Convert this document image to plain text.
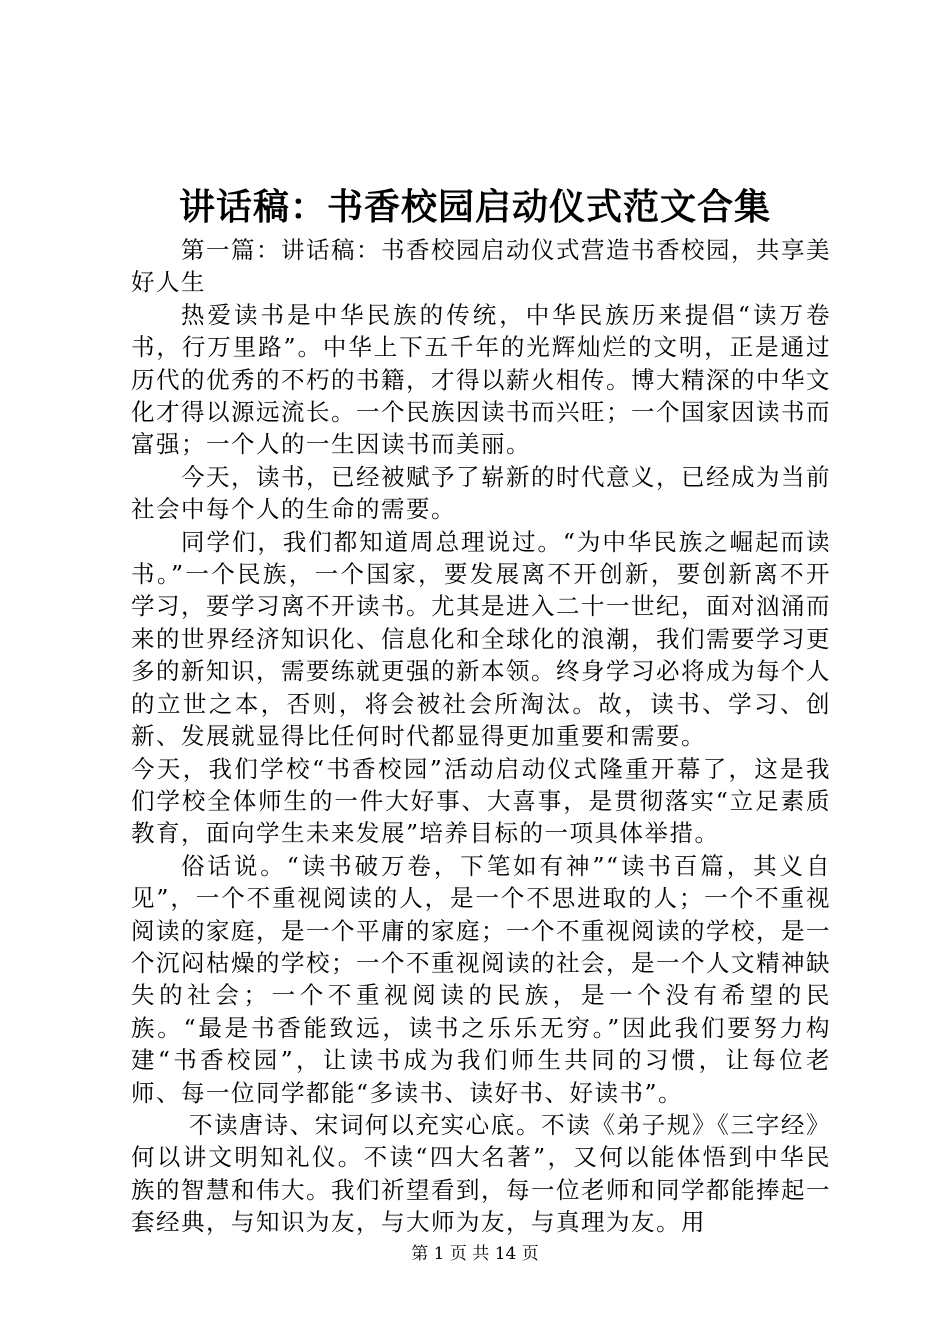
讲话稿：书香校园启动仪式范文合集

第一篇：讲话稿：书香校园启动仪式营造书香校园，共享美好人生

热爱读书是中华民族的传统，中华民族历来提倡“读万卷书，行万里路”。中华上下五千年的光辉灿烂的文明，正是通过历代的优秀的不朽的书籍，才得以薪火相传。博大精深的中华文化才得以源远流长。一个民族因读书而兴旺；一个国家因读书而富强；一个人的一生因读书而美丽。

今天，读书，已经被赋予了崭新的时代意义，已经成为当前社会中每个人的生命的需要。

同学们，我们都知道周总理说过。“为中华民族之崛起而读书。”一个民族，一个国家，要发展离不开创新，要创新离不开学习，要学习离不开读书。尤其是进入二十一世纪，面对汹涌而来的世界经济知识化、信息化和全球化的浪潮，我们需要学习更多的新知识，需要练就更强的新本领。终身学习必将成为每个人的立世之本，否则，将会被社会所淘汰。故，读书、学习、创新、发展就显得比任何时代都显得更加重要和需要。

今天，我们学校“书香校园”活动启动仪式隆重开幕了，这是我们学校全体师生的一件大好事、大喜事，是贯彻落实“立足素质教育，面向学生未来发展”培养目标的一项具体举措。

俗话说。“读书破万卷，下笔如有神”“读书百篇，其义自见”，一个不重视阅读的人，是一个不思进取的人；一个不重视阅读的家庭，是一个平庸的家庭；一个不重视阅读的学校，是一个沉闷枯燥的学校；一个不重视阅读的社会，是一个人文精神缺失的社会；一个不重视阅读的民族，是一个没有希望的民族。“最是书香能致远，读书之乐乐无穷。”因此我们要努力构建“书香校园”，让读书成为我们师生共同的习惯，让每位老师、每一位同学都能“多读书、读好书、好读书”。

不读唐诗、宋词何以充实心底。不读《弟子规》《三字经》何以讲文明知礼仪。不读“四大名著”，又何以能体悟到中华民族的智慧和伟大。我们祈望看到，每一位老师和同学都能捧起一套经典，与知识为友，与大师为友，与真理为友。用

第 1 页 共 14 页
